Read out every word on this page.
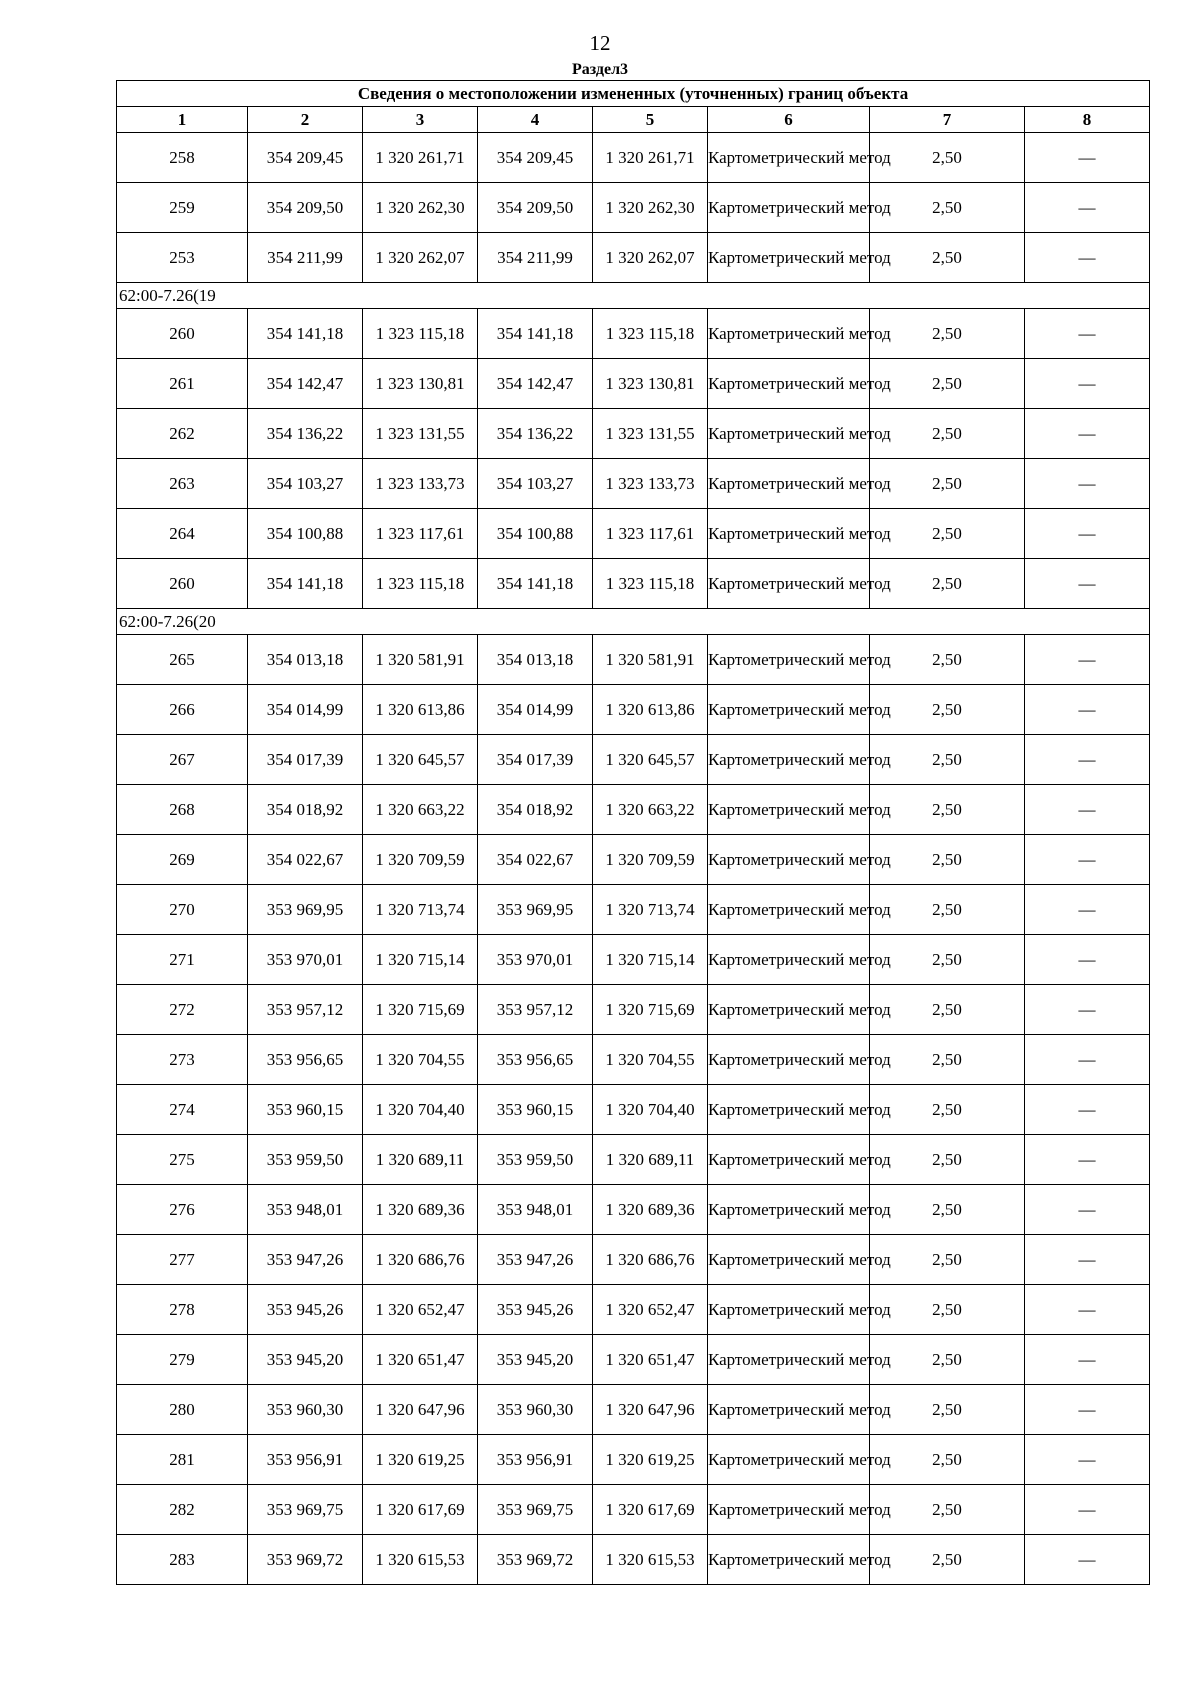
12
Раздел3
Сведения о местоположении измененных (уточненных) границ объекта							
1	2	3	4	5	6	7	8
258	354 209,45	1 320 261,71	354 209,45	1 320 261,71	Картометрический метод	2,50	—
259	354 209,50	1 320 262,30	354 209,50	1 320 262,30	Картометрический метод	2,50	—
253	354 211,99	1 320 262,07	354 211,99	1 320 262,07	Картометрический метод	2,50	—
62:00-7.26(19							
260	354 141,18	1 323 115,18	354 141,18	1 323 115,18	Картометрический метод	2,50	—
261	354 142,47	1 323 130,81	354 142,47	1 323 130,81	Картометрический метод	2,50	—
262	354 136,22	1 323 131,55	354 136,22	1 323 131,55	Картометрический метод	2,50	—
263	354 103,27	1 323 133,73	354 103,27	1 323 133,73	Картометрический метод	2,50	—
264	354 100,88	1 323 117,61	354 100,88	1 323 117,61	Картометрический метод	2,50	—
260	354 141,18	1 323 115,18	354 141,18	1 323 115,18	Картометрический метод	2,50	—
62:00-7.26(20							
265	354 013,18	1 320 581,91	354 013,18	1 320 581,91	Картометрический метод	2,50	—
266	354 014,99	1 320 613,86	354 014,99	1 320 613,86	Картометрический метод	2,50	—
267	354 017,39	1 320 645,57	354 017,39	1 320 645,57	Картометрический метод	2,50	—
268	354 018,92	1 320 663,22	354 018,92	1 320 663,22	Картометрический метод	2,50	—
269	354 022,67	1 320 709,59	354 022,67	1 320 709,59	Картометрический метод	2,50	—
270	353 969,95	1 320 713,74	353 969,95	1 320 713,74	Картометрический метод	2,50	—
271	353 970,01	1 320 715,14	353 970,01	1 320 715,14	Картометрический метод	2,50	—
272	353 957,12	1 320 715,69	353 957,12	1 320 715,69	Картометрический метод	2,50	—
273	353 956,65	1 320 704,55	353 956,65	1 320 704,55	Картометрический метод	2,50	—
274	353 960,15	1 320 704,40	353 960,15	1 320 704,40	Картометрический метод	2,50	—
275	353 959,50	1 320 689,11	353 959,50	1 320 689,11	Картометрический метод	2,50	—
276	353 948,01	1 320 689,36	353 948,01	1 320 689,36	Картометрический метод	2,50	—
277	353 947,26	1 320 686,76	353 947,26	1 320 686,76	Картометрический метод	2,50	—
278	353 945,26	1 320 652,47	353 945,26	1 320 652,47	Картометрический метод	2,50	—
279	353 945,20	1 320 651,47	353 945,20	1 320 651,47	Картометрический метод	2,50	—
280	353 960,30	1 320 647,96	353 960,30	1 320 647,96	Картометрический метод	2,50	—
281	353 956,91	1 320 619,25	353 956,91	1 320 619,25	Картометрический метод	2,50	—
282	353 969,75	1 320 617,69	353 969,75	1 320 617,69	Картометрический метод	2,50	—
283	353 969,72	1 320 615,53	353 969,72	1 320 615,53	Картометрический метод	2,50	—
